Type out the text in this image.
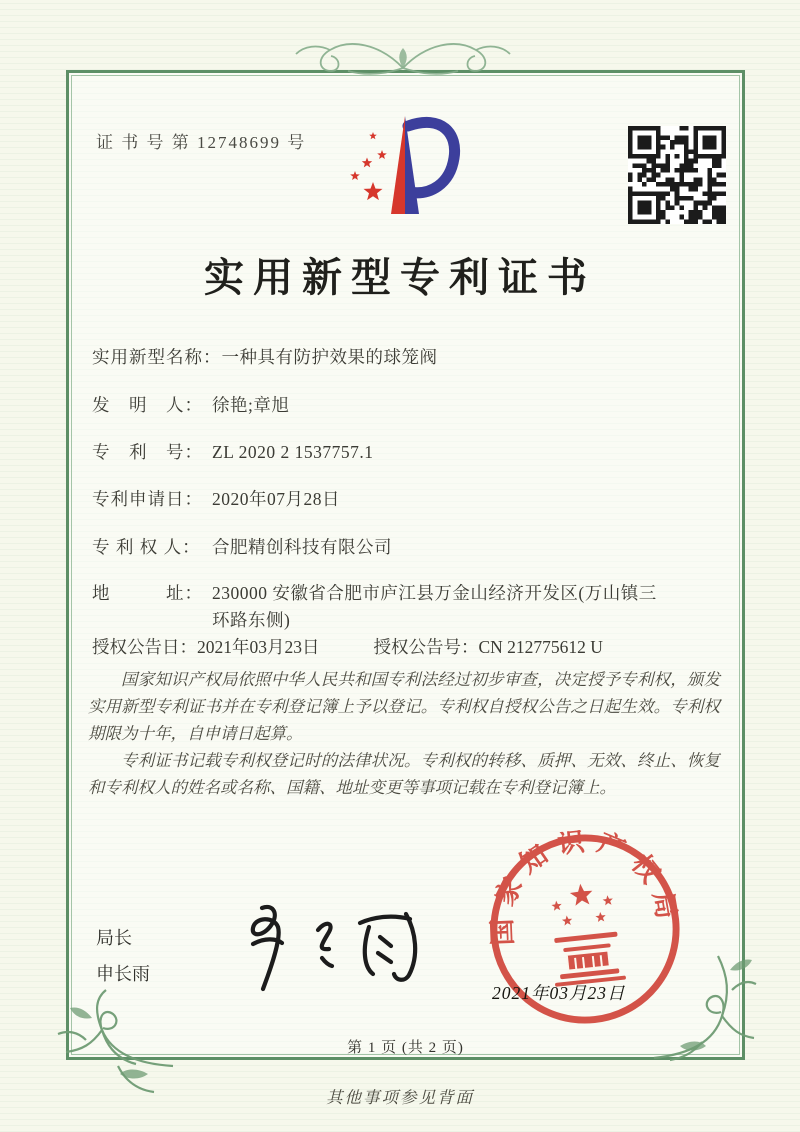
证 书 号 第 12748699 号
实用新型专利证书
实用新型名称：一种具有防护效果的球笼阀
发　明　人： 徐艳;章旭
专　利　号： ZL 2020 2 1537757.1
专利申请日： 2020年07月28日
专 利 权 人： 合肥精创科技有限公司
地　　　址： 230000 安徽省合肥市庐江县万金山经济开发区(万山镇三环路东侧)
授权公告日：2021年03月23日	授权公告号：CN 212775612 U

国家知识产权局依照中华人民共和国专利法经过初步审查，决定授予专利权，颁发实用新型专利证书并在专利登记簿上予以登记。专利权自授权公告之日起生效。专利权期限为十年，自申请日起算。

专利证书记载专利权登记时的法律状况。专利权的转移、质押、无效、终止、恢复和专利权人的姓名或名称、国籍、地址变更等事项记载在专利登记簿上。

局长
申长雨
国家知识产权局
2021年03月23日
第 1 页 (共 2 页)
其他事项参见背面
